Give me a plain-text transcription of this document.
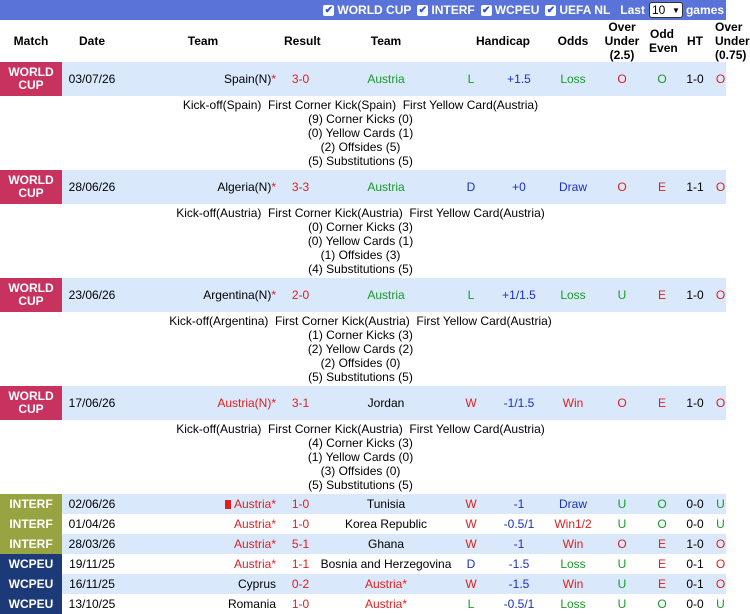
✔ WORLD CUP ✔ INTERF ✔ WCPEU ✔ UEFA NL Last 10 ▼ games
Match	Date	Team	Result	Team	Handicap		Odds	Over Under (2.5)	Odd Even	HT	Over Under (0.75)
WORLD CUP	03/07/26	Spain(N)*	3-0	Austria	L	+1.5	Loss	O	O	1-0	O

Kick-off(Spain)  First Corner Kick(Spain)  First Yellow Card(Austria)
(9) Corner Kicks (0)
(0) Yellow Cards (1)
(2) Offsides (5)
(5) Substitutions (5)											

WORLD CUP	28/06/26	Algeria(N)*	3-3	Austria	D	+0	Draw	O	E	1-1	O

Kick-off(Austria)  First Corner Kick(Austria)  First Yellow Card(Austria)
(0) Corner Kicks (3)
(0) Yellow Cards (1)
(1) Offsides (3)
(4) Substitutions (5)											

WORLD CUP	23/06/26	Argentina(N)*	2-0	Austria	L	+1/1.5	Loss	U	E	1-0	O

Kick-off(Argentina)  First Corner Kick(Austria)  First Yellow Card(Austria)
(1) Corner Kicks (3)
(2) Yellow Cards (2)
(2) Offsides (0)
(5) Substitutions (5)											

WORLD CUP	17/06/26	Austria(N)*	3-1	Jordan	W	-1/1.5	Win	O	E	1-0	O

Kick-off(Austria)  First Corner Kick(Austria)  First Yellow Card(Austria)
(4) Corner Kicks (3)
(1) Yellow Cards (0)
(3) Offsides (0)
(5) Substitutions (5)											

INTERF	02/06/26	Austria*	1-0	Tunisia	W	-1	Draw	U	O	0-0	U
INTERF	01/04/26	Austria*	1-0	Korea Republic	W	-0.5/1	Win1/2	U	O	0-0	U
INTERF	28/03/26	Austria*	5-1	Ghana	W	-1	Win	O	E	1-0	O
WCPEU	19/11/25	Austria*	1-1	Bosnia and Herzegovina	D	-1.5	Loss	U	E	0-1	O
WCPEU	16/11/25	Cyprus	0-2	Austria*	W	-1.5	Win	U	E	0-1	O
WCPEU	13/10/25	Romania	1-0	Austria*	L	-0.5/1	Loss	U	O	0-0	U
